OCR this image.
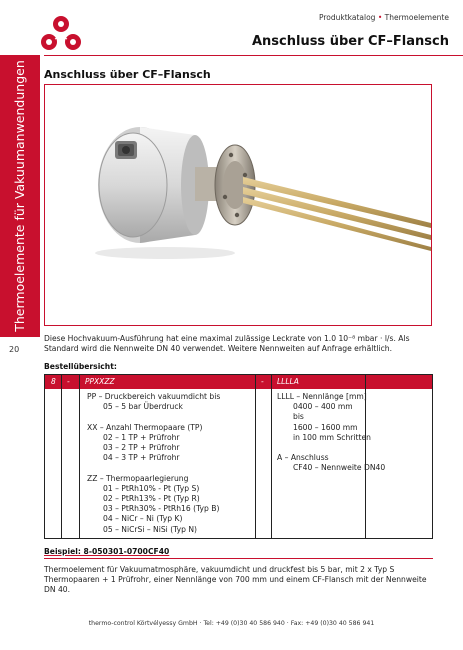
Produktkatalog • Thermoelemente
Anschluss über CF–Flansch
Thermoelemente für Vakuumanwendungen
20
Anschluss über CF–Flansch
Diese Hochvakuum-Ausführung hat eine maximal zulässige Leckrate von 1.0 10⁻⁸ mbar · l/s. Als Standard wird die Nennweite DN 40 verwendet. Weitere Nennweiten auf Anfrage erhältlich.
Bestellübersicht:
8 - PPXXZZ	- LLLLA
PP – Druckbereich vakuumdicht bis
05 – 5 bar Überdruck
XX – Anzahl Thermopaare (TP)
02 – 1 TP + Prüfrohr
03 – 2 TP + Prüfrohr
04 – 3 TP + Prüfrohr
ZZ – Thermopaarlegierung
01 – PtRh10% - Pt (Typ S)
02 – PtRh13% - Pt (Typ R)
03 – PtRh30% - PtRh16 (Typ B)
04 – NiCr – Ni (Typ K)
05 – NiCrSi – NiSi (Typ N)
LLLL – Nennlänge [mm]
0400 – 400 mm
bis
1600 – 1600 mm
in 100 mm Schritten
A – Anschluss
CF40 – Nennweite DN40
Beispiel: 8-050301-0700CF40
Thermoelement für Vakuumatmosphäre, vakuumdicht und druckfest bis 5 bar, mit 2 x Typ S Thermopaaren + 1 Prüfrohr, einer Nennlänge von 700 mm und einem CF-Flansch mit der Nennweite DN 40.
thermo-control Körtvélyessy GmbH · Tel: +49 (0)30 40 586 940 · Fax: +49 (0)30 40 586 941
